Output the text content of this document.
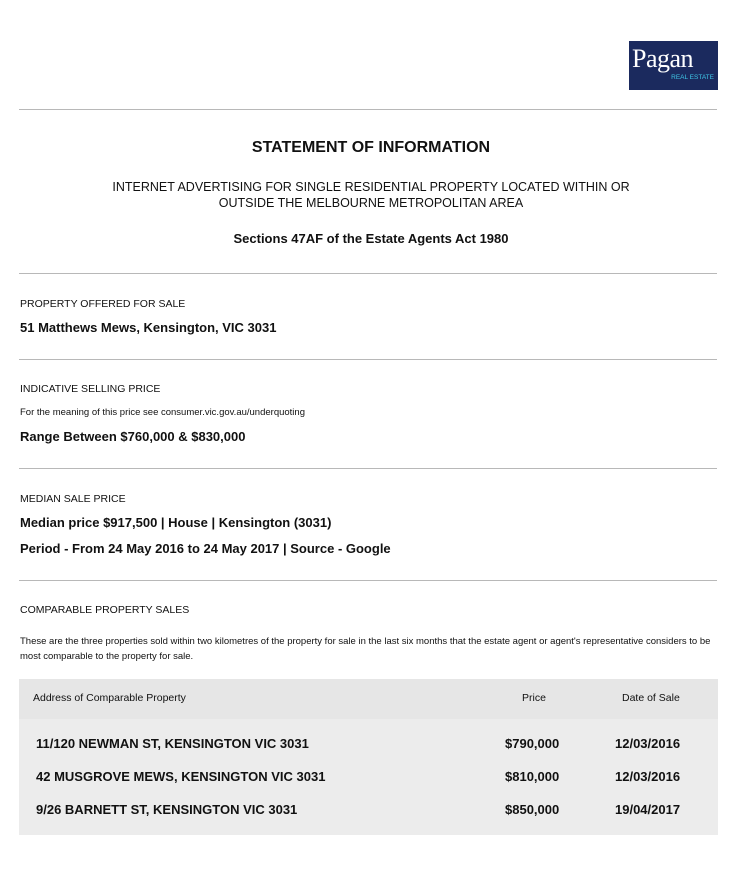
Pagan
REAL ESTATE
STATEMENT OF INFORMATION
INTERNET ADVERTISING FOR SINGLE RESIDENTIAL PROPERTY LOCATED WITHIN OR
OUTSIDE THE MELBOURNE METROPOLITAN AREA
Sections 47AF of the Estate Agents Act 1980
PROPERTY OFFERED FOR SALE
51 Matthews Mews, Kensington, VIC 3031
INDICATIVE SELLING PRICE
For the meaning of this price see consumer.vic.gov.au/underquoting
Range Between $760,000 & $830,000
MEDIAN SALE PRICE
Median price $917,500 | House | Kensington (3031)
Period - From 24 May 2016 to 24 May 2017 | Source - Google
COMPARABLE PROPERTY SALES
These are the three properties sold within two kilometres of the property for sale in the last six months that the estate agent or agent's representative considers to be most comparable to the property for sale.
Address of Comparable Property	Price	Date of Sale
11/120 NEWMAN ST, KENSINGTON VIC 3031	$790,000	12/03/2016
42 MUSGROVE MEWS, KENSINGTON VIC 3031	$810,000	12/03/2016
9/26 BARNETT ST, KENSINGTON VIC 3031	$850,000	19/04/2017
